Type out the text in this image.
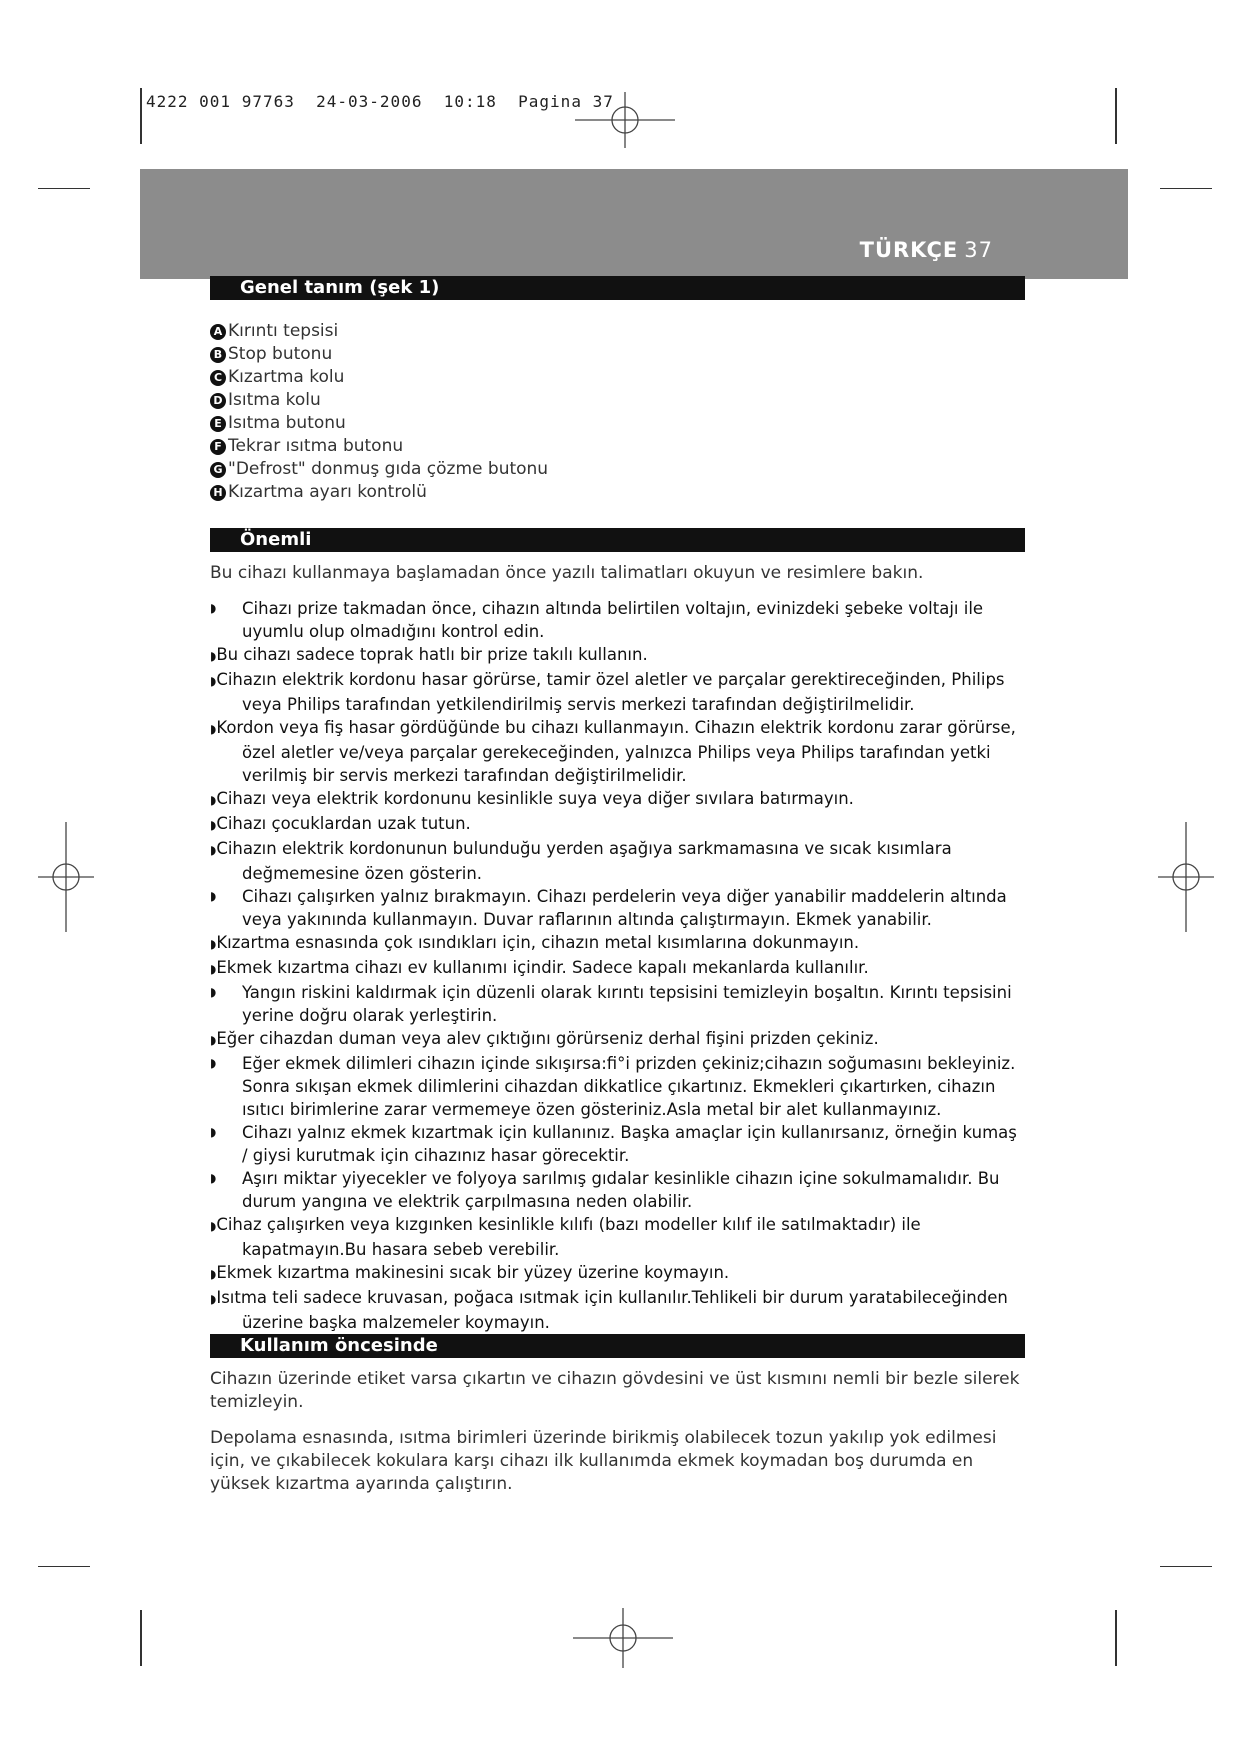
4222 001 97763  24-03-2006  10:18  Pagina 37
TÜRKÇE 37
Genel tanım (şek 1)
A Kırıntı tepsisi
B Stop butonu
C Kızartma kolu
D Isıtma kolu
E Isıtma butonu
F Tekrar ısıtma butonu
G "Defrost" donmuş gıda çözme butonu
H Kızartma ayarı kontrolü
Önemli
Bu cihazı kullanmaya başlamadan önce yazılı talimatları okuyun ve resimlere bakın.
◗ Cihazı prize takmadan önce, cihazın altında belirtilen voltajın, evinizdeki şebeke voltajı ile uyumlu olup olmadığını kontrol edin.
◗Bu cihazı sadece toprak hatlı bir prize takılı kullanın.
◗Cihazın elektrik kordonu hasar görürse, tamir özel aletler ve parçalar gerektireceğinden, Philips veya Philips tarafından yetkilendirilmiş servis merkezi tarafından değiştirilmelidir.
◗Kordon veya fiş hasar gördüğünde bu cihazı kullanmayın. Cihazın elektrik kordonu zarar görürse, özel aletler ve/veya parçalar gerekeceğinden, yalnızca Philips veya Philips tarafından yetki verilmiş bir servis merkezi tarafından değiştirilmelidir.
◗Cihazı veya elektrik kordonunu kesinlikle suya veya diğer sıvılara batırmayın.
◗Cihazı çocuklardan uzak tutun.
◗Cihazın elektrik kordonunun bulunduğu yerden aşağıya sarkmamasına ve sıcak kısımlara değmemesine özen gösterin.
◗ Cihazı çalışırken yalnız bırakmayın. Cihazı perdelerin veya diğer yanabilir maddelerin altında veya yakınında kullanmayın. Duvar raflarının altında çalıştırmayın. Ekmek yanabilir.
◗Kızartma esnasında çok ısındıkları için, cihazın metal kısımlarına dokunmayın.
◗Ekmek kızartma cihazı ev kullanımı içindir. Sadece kapalı mekanlarda kullanılır.
◗ Yangın riskini kaldırmak için düzenli olarak kırıntı tepsisini temizleyin boşaltın. Kırıntı tepsisini yerine doğru olarak yerleştirin.
◗Eğer cihazdan duman veya alev çıktığını görürseniz derhal fişini prizden çekiniz.
◗ Eğer ekmek dilimleri cihazın içinde sıkışırsa:fi°i prizden çekiniz;cihazın soğumasını bekleyiniz. Sonra sıkışan ekmek dilimlerini cihazdan dikkatlice çıkartınız. Ekmekleri çıkartırken, cihazın ısıtıcı birimlerine zarar vermemeye özen gösteriniz.Asla metal bir alet kullanmayınız.
◗ Cihazı yalnız ekmek kızartmak için kullanınız. Başka amaçlar için kullanırsanız, örneğin kumaş / giysi kurutmak için cihazınız hasar görecektir.
◗ Aşırı miktar yiyecekler ve folyoya sarılmış gıdalar kesinlikle cihazın içine sokulmamalıdır. Bu durum yangına ve elektrik çarpılmasına neden olabilir.
◗Cihaz çalışırken veya kızgınken kesinlikle kılıfı (bazı modeller kılıf ile satılmaktadır) ile kapatmayın.Bu hasara sebeb verebilir.
◗Ekmek kızartma makinesini sıcak bir yüzey üzerine koymayın.
◗Isıtma teli sadece kruvasan, poğaca ısıtmak için kullanılır.Tehlikeli bir durum yaratabileceğinden üzerine başka malzemeler koymayın.
Kullanım öncesinde
Cihazın üzerinde etiket varsa çıkartın ve cihazın gövdesini ve üst kısmını nemli bir bezle silerek temizleyin.
Depolama esnasında, ısıtma birimleri üzerinde birikmiş olabilecek tozun yakılıp yok edilmesi için, ve çıkabilecek kokulara karşı cihazı ilk kullanımda ekmek koymadan boş durumda en yüksek kızartma ayarında çalıştırın.
